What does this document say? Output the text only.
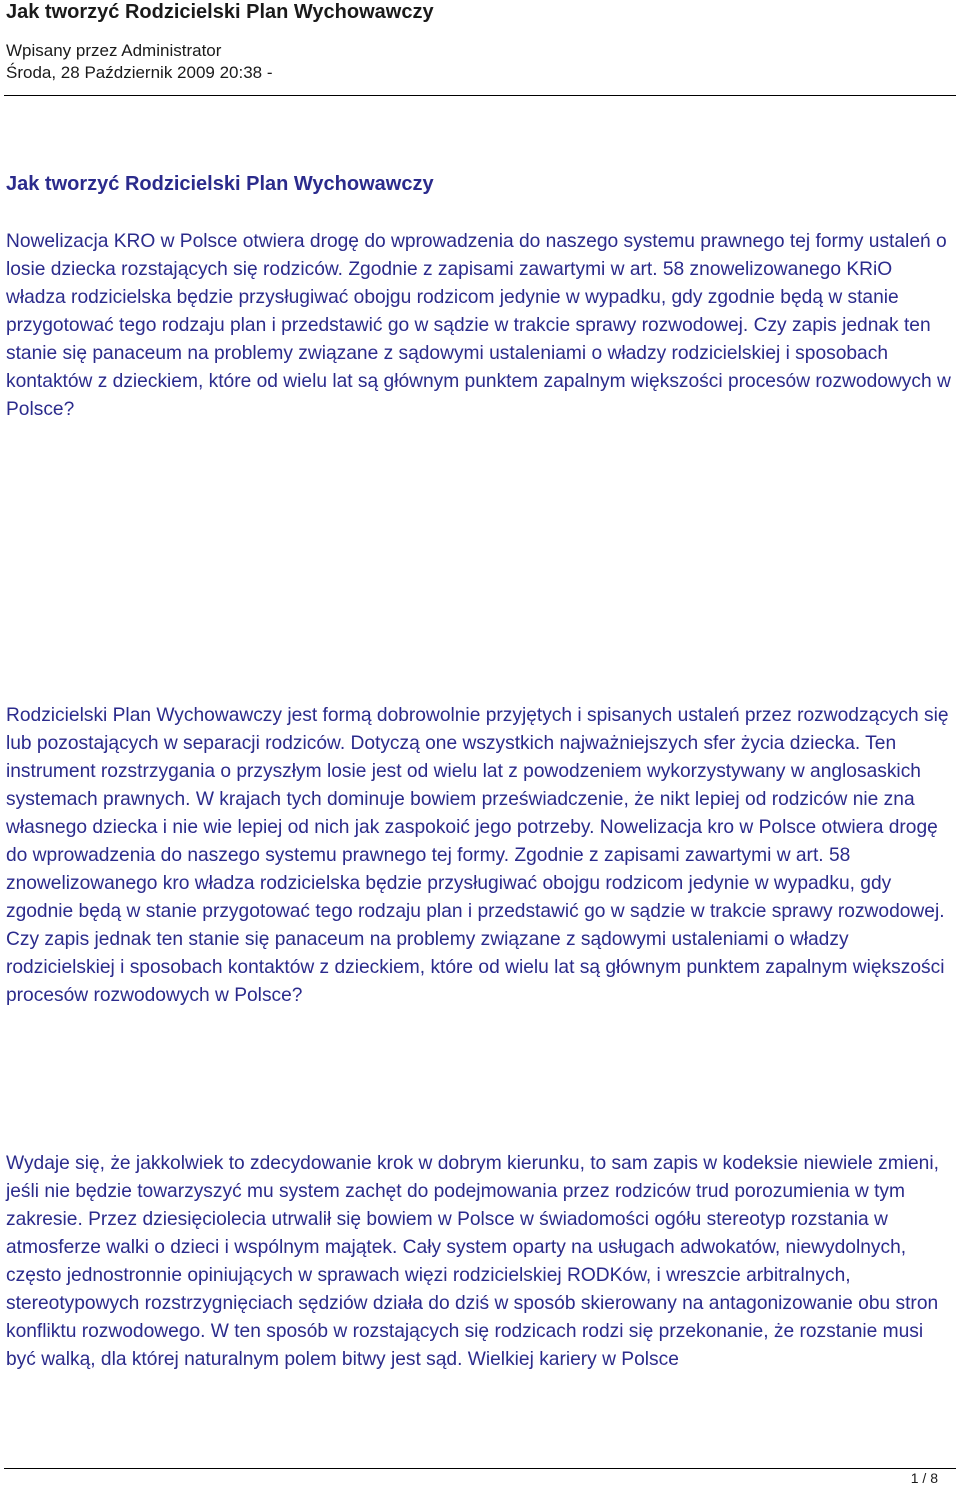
Jak tworzyć Rodzicielski Plan Wychowawczy
Wpisany przez Administrator
Środa, 28 Październik 2009 20:38 -
Jak tworzyć Rodzicielski Plan Wychowawczy

Nowelizacja KRO w Polsce otwiera drogę do wprowadzenia do naszego systemu prawnego tej formy ustaleń o losie dziecka rozstających się rodziców. Zgodnie z zapisami zawartymi w art. 58 znowelizowanego KRiO władza rodzicielska będzie przysługiwać obojgu rodzicom jedynie w wypadku, gdy zgodnie będą w stanie przygotować tego rodzaju plan i przedstawić go w sądzie w trakcie sprawy rozwodowej. Czy zapis jednak ten stanie się panaceum na problemy związane z sądowymi ustaleniami o władzy rodzicielskiej i sposobach kontaktów z dzieckiem, które od wielu lat są głównym punktem zapalnym większości procesów rozwodowych w Polsce?

Rodzicielski Plan Wychowawczy jest formą dobrowolnie przyjętych i spisanych ustaleń przez rozwodzących się lub pozostających w separacji rodziców. Dotyczą one wszystkich najważniejszych sfer życia dziecka. Ten instrument rozstrzygania o przyszłym losie jest od wielu lat z powodzeniem wykorzystywany w anglosaskich systemach prawnych. W krajach tych dominuje bowiem przeświadczenie, że nikt lepiej od rodziców nie zna własnego dziecka i nie wie lepiej od nich jak zaspokoić jego potrzeby. Nowelizacja kro w Polsce otwiera drogę do wprowadzenia do naszego systemu prawnego tej formy. Zgodnie z zapisami zawartymi w art. 58 znowelizowanego kro władza rodzicielska będzie przysługiwać obojgu rodzicom jedynie w wypadku, gdy zgodnie będą w stanie przygotować tego rodzaju plan i przedstawić go w sądzie w trakcie sprawy rozwodowej. Czy zapis jednak ten stanie się panaceum na problemy związane z sądowymi ustaleniami o władzy rodzicielskiej i sposobach kontaktów z dzieckiem, które od wielu lat są głównym punktem zapalnym większości procesów rozwodowych w Polsce?

Wydaje się, że jakkolwiek to zdecydowanie krok w dobrym kierunku, to sam zapis w kodeksie niewiele zmieni, jeśli nie będzie towarzyszyć mu system zachęt do podejmowania przez rodziców trud porozumienia w tym zakresie. Przez dziesięciolecia utrwalił się bowiem w Polsce w świadomości ogółu stereotyp rozstania w atmosferze walki o dzieci i wspólnym majątek. Cały system oparty na usługach adwokatów, niewydolnych, często jednostronnie opiniujących w sprawach więzi rodzicielskiej RODKów, i wreszcie arbitralnych, stereotypowych rozstrzygnięciach sędziów działa do dziś w sposób skierowany na antagonizowanie obu stron konfliktu rozwodowego. W ten sposób w rozstających się rodzicach rodzi się przekonanie, że rozstanie musi być walką, dla której naturalnym polem bitwy jest sąd. Wielkiej kariery w Polsce

1 / 8
